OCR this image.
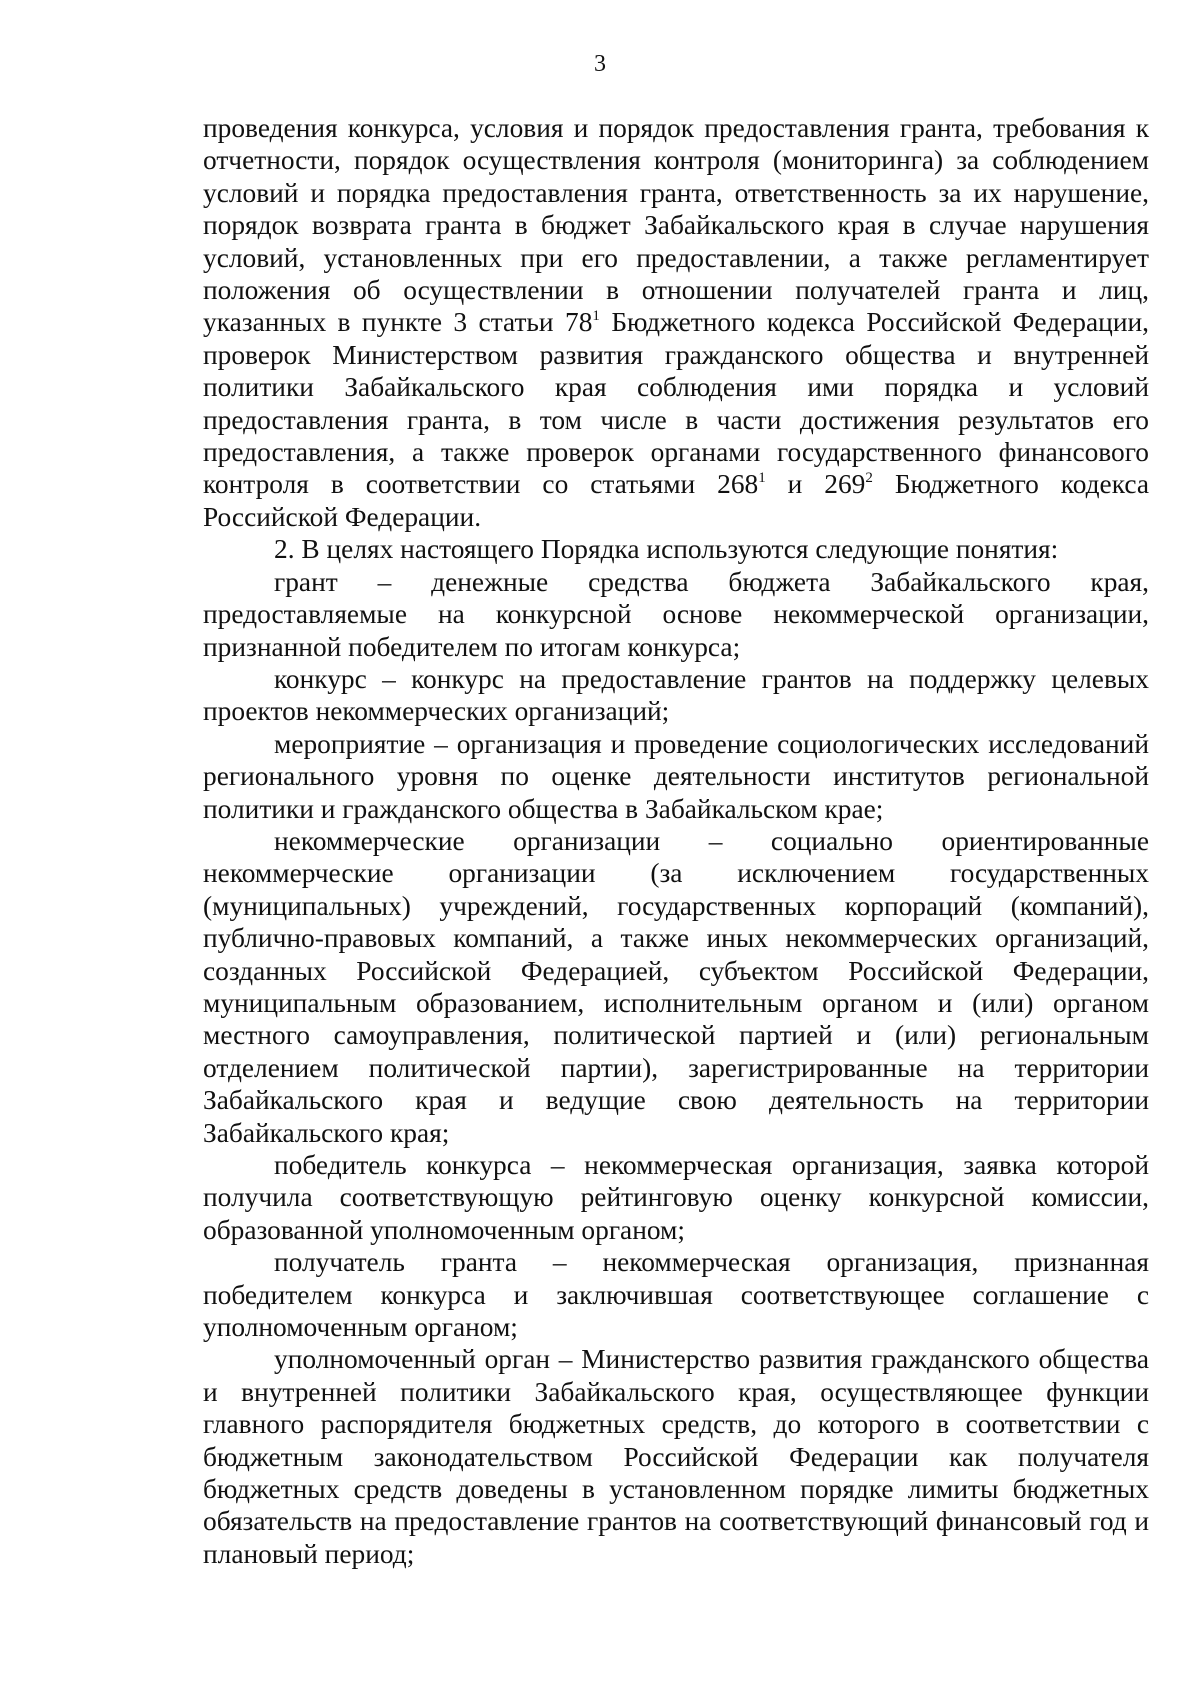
3

проведения конкурса, условия и порядок предоставления гранта, требования к отчетности, порядок осуществления контроля (мониторинга) за соблюдением условий и порядка предоставления гранта, ответственность за их нарушение, порядок возврата гранта в бюджет Забайкальского края в случае нарушения условий, установленных при его предоставлении, а также регламентирует положения об осуществлении в отношении получателей гранта и лиц, указанных в пункте 3 статьи $78^1$ Бюджетного кодекса Российской Федерации, проверок Министерством развития гражданского общества и внутренней политики Забайкальского края соблюдения ими порядка и условий предоставления гранта, в том числе в части достижения результатов его предоставления, а также проверок органами государственного финансового контроля в соответствии со статьями $268^1$ и $269^2$ Бюджетного кодекса Российской Федерации.

2. В целях настоящего Порядка используются следующие понятия:

грант – денежные средства бюджета Забайкальского края, предоставляемые на конкурсной основе некоммерческой организации, признанной победителем по итогам конкурса;

конкурс – конкурс на предоставление грантов на поддержку целевых проектов некоммерческих организаций;

мероприятие – организация и проведение социологических исследований регионального уровня по оценке деятельности институтов региональной политики и гражданского общества в Забайкальском крае;

некоммерческие организации – социально ориентированные некоммерческие организации (за исключением государственных (муниципальных) учреждений, государственных корпораций (компаний), публично-правовых компаний, а также иных некоммерческих организаций, созданных Российской Федерацией, субъектом Российской Федерации, муниципальным образованием, исполнительным органом и (или) органом местного самоуправления, политической партией и (или) региональным отделением политической партии), зарегистрированные на территории Забайкальского края и ведущие свою деятельность на территории Забайкальского края;

победитель конкурса – некоммерческая организация, заявка которой получила соответствующую рейтинговую оценку конкурсной комиссии, образованной уполномоченным органом;

получатель гранта – некоммерческая организация, признанная победителем конкурса и заключившая соответствующее соглашение с уполномоченным органом;

уполномоченный орган – Министерство развития гражданского общества и внутренней политики Забайкальского края, осуществляющее функции главного распорядителя бюджетных средств, до которого в соответствии с бюджетным законодательством Российской Федерации как получателя бюджетных средств доведены в установленном порядке лимиты бюджетных обязательств на предоставление грантов на соответствующий финансовый год и плановый период;
